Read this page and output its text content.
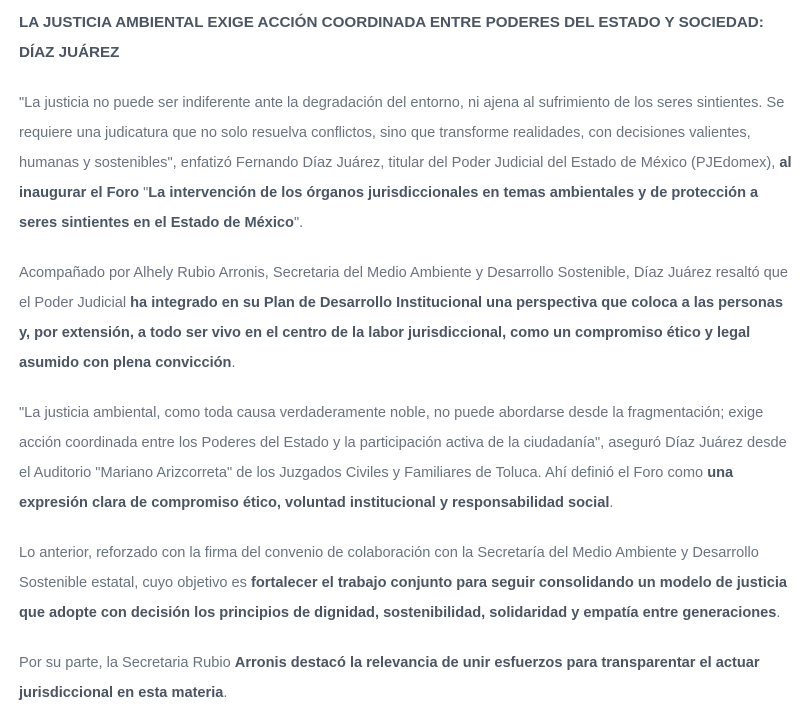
LA JUSTICIA AMBIENTAL EXIGE ACCIÓN COORDINADA ENTRE PODERES DEL ESTADO Y SOCIEDAD: DÍAZ JUÁREZ

"La justicia no puede ser indiferente ante la degradación del entorno, ni ajena al sufrimiento de los seres sintientes. Se requiere una judicatura que no solo resuelva conflictos, sino que transforme realidades, con decisiones valientes, humanas y sostenibles", enfatizó Fernando Díaz Juárez, titular del Poder Judicial del Estado de México (PJEdomex), al inaugurar el Foro "La intervención de los órganos jurisdiccionales en temas ambientales y de protección a seres sintientes en el Estado de México".

Acompañado por Alhely Rubio Arronis, Secretaria del Medio Ambiente y Desarrollo Sostenible, Díaz Juárez resaltó que el Poder Judicial ha integrado en su Plan de Desarrollo Institucional una perspectiva que coloca a las personas y, por extensión, a todo ser vivo en el centro de la labor jurisdiccional, como un compromiso ético y legal asumido con plena convicción.

"La justicia ambiental, como toda causa verdaderamente noble, no puede abordarse desde la fragmentación; exige acción coordinada entre los Poderes del Estado y la participación activa de la ciudadanía", aseguró Díaz Juárez desde el Auditorio "Mariano Arizcorreta" de los Juzgados Civiles y Familiares de Toluca. Ahí definió el Foro como una expresión clara de compromiso ético, voluntad institucional y responsabilidad social.

Lo anterior, reforzado con la firma del convenio de colaboración con la Secretaría del Medio Ambiente y Desarrollo Sostenible estatal, cuyo objetivo es fortalecer el trabajo conjunto para seguir consolidando un modelo de justicia que adopte con decisión los principios de dignidad, sostenibilidad, solidaridad y empatía entre generaciones.

Por su parte, la Secretaria Rubio Arronis destacó la relevancia de unir esfuerzos para transparentar el actuar jurisdiccional en esta materia.
